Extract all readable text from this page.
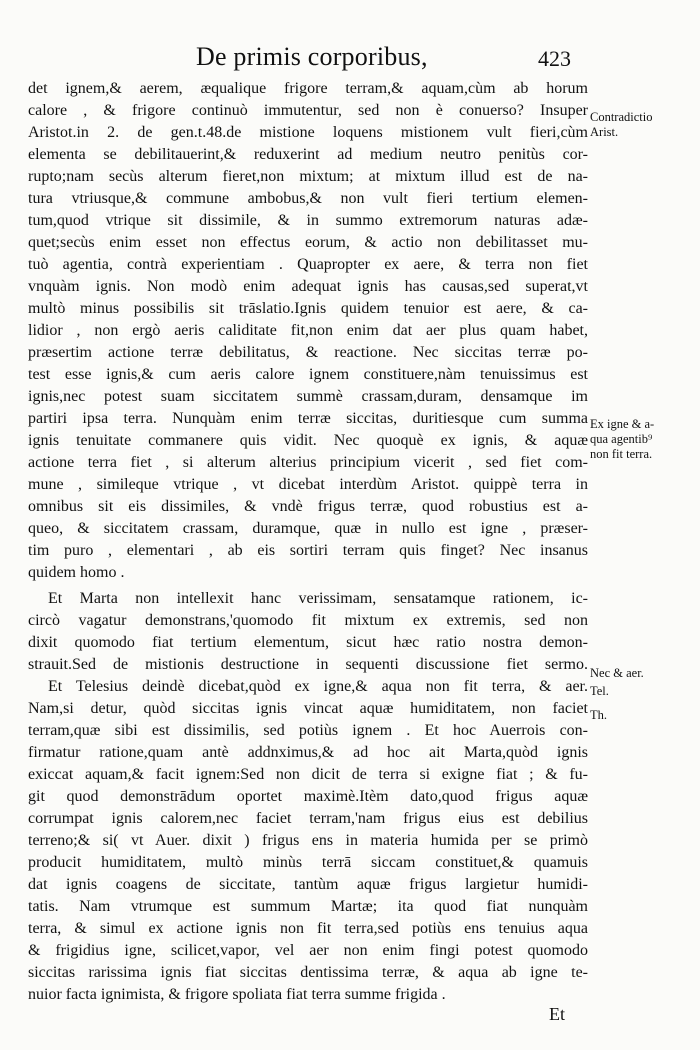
De primis corporibus,	423
det ignem,& aerem, æqualique frigore terram,& aquam,cùm ab horum
calore , & frigore continuò immutentur, sed non è conuerso? Insuper
Aristot.in 2. de gen.t.48.de mistione loquens mistionem vult fieri,cùm
elementa se debilitauerint,& reduxerint ad medium neutro penitùs cor-
rupto;nam secùs alterum fieret,non mixtum; at mixtum illud est de na-
tura vtriusque,& commune ambobus,& non vult fieri tertium elemen-
tum,quod vtrique sit dissimile, & in summo extremorum naturas adæ-
quet;secùs enim esset non effectus eorum, & actio non debilitasset mu-
tuò agentia, contrà experientiam . Quapropter ex aere, & terra non fiet
vnquàm ignis. Non modò enim adequat ignis has causas,sed superat,vt
multò minus possibilis sit trāslatio.Ignis quidem tenuior est aere, & ca-
lidior , non ergò aeris caliditate fit,non enim dat aer plus quam habet,
præsertim actione terræ debilitatus, & reactione. Nec siccitas terræ po-
test esse ignis,& cum aeris calore ignem constituere,nàm tenuissimus est
ignis,nec potest suam siccitatem summè crassam,duram, densamque im
partiri ipsa terra. Nunquàm enim terræ siccitas, duritiesque cum summa
ignis tenuitate commanere quis vidit. Nec quoquè ex ignis, & aquæ
actione terra fiet , si alterum alterius principium vicerit , sed fiet com-
mune , simileque vtrique , vt dicebat interdùm Aristot. quippè terra in
omnibus sit eis dissimiles, & vndè frigus terræ, quod robustius est a-
queo, & siccitatem crassam, duramque, quæ in nullo est igne , præser-
tim puro , elementari , ab eis sortiri terram quis finget? Nec insanus
quidem homo .
Et Marta non intellexit hanc verissimam, sensatamque rationem, ic-
circò vagatur demonstrans,'quomodo fit mixtum ex extremis, sed non
dixit quomodo fiat tertium elementum, sicut hæc ratio nostra demon-
strauit.Sed de mistionis destructione in sequenti discussione fiet sermo.
Et Telesius deindè dicebat,quòd ex igne,& aqua non fit terra, & aer.
Nam,si detur, quòd siccitas ignis vincat aquæ humiditatem, non faciet
terram,quæ sibi est dissimilis, sed potiùs ignem . Et hoc Auerrois con-
firmatur ratione,quam antè addnximus,& ad hoc ait Marta,quòd ignis
exiccat aquam,& facit ignem:Sed non dicit de terra si exigne fiat ; & fu-
git quod demonstrādum oportet maximè.Itèm dato,quod frigus aquæ
corrumpat ignis calorem,nec faciet terram,'nam frigus eius est debilius
terreno;& si( vt Auer. dixit ) frigus ens in materia humida per se primò
producit humiditatem, multò minùs terrā siccam constituet,& quamuis
dat ignis coagens de siccitate, tantùm aquæ frigus largietur humidi-
tatis. Nam vtrumque est summum Martæ; ita quod fiat nunquàm
terra, & simul ex actione ignis non fit terra,sed potiùs ens tenuius aqua
& frigidius igne, scilicet,vapor, vel aer non enim fingi potest quomodo
siccitas rarissima ignis fiat siccitas dentissima terræ, & aqua ab igne te-
nuior facta ignimista, & frigore spoliata fiat terra summe frigida .
Contradictio
Arist.
Ex igne & a-
qua agentib⁹
non fit terra.
Nec & aer.
Tel.
Th.
Et
